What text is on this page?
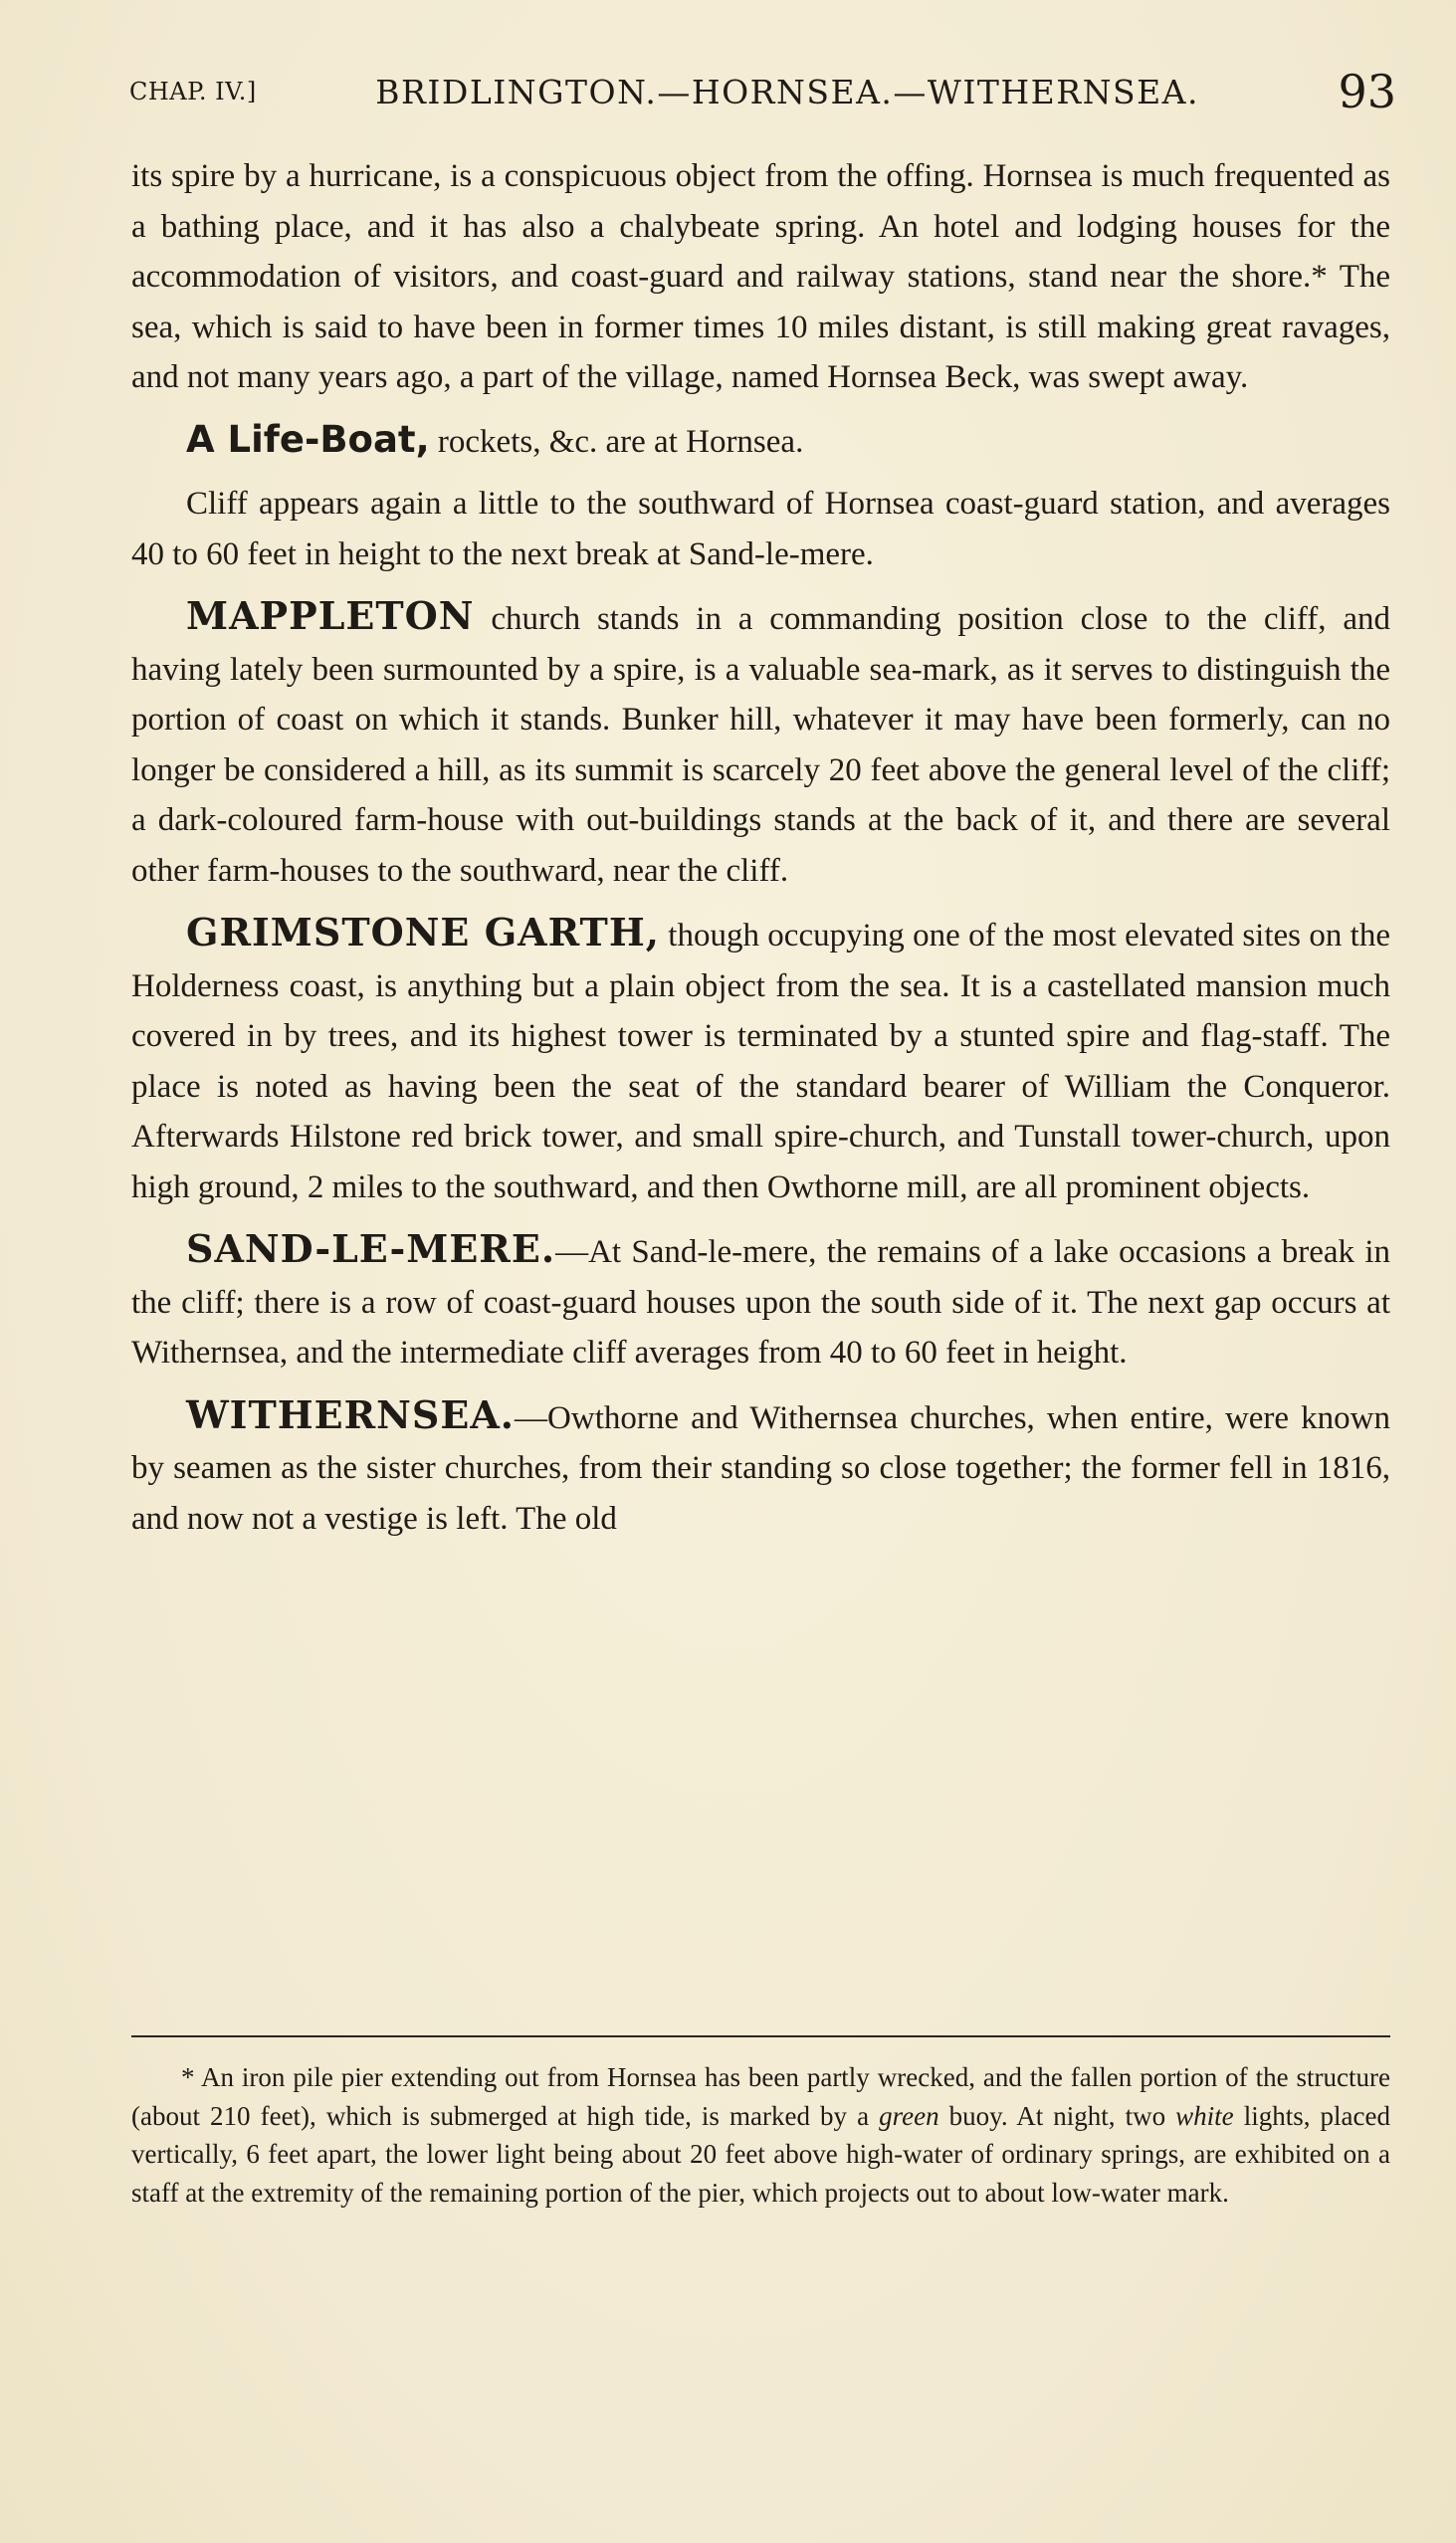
CHAP. IV.]	BRIDLINGTON.—HORNSEA.—WITHERNSEA.	93

its spire by a hurricane, is a conspicuous object from the offing. Hornsea is much frequented as a bathing place, and it has also a chalybeate spring. An hotel and lodging houses for the accommodation of visitors, and coast-guard and railway stations, stand near the shore.* The sea, which is said to have been in former times 10 miles distant, is still making great ravages, and not many years ago, a part of the village, named Hornsea Beck, was swept away.

A Life-Boat, rockets, &c. are at Hornsea.

Cliff appears again a little to the southward of Hornsea coast-guard station, and averages 40 to 60 feet in height to the next break at Sand-le-mere.

MAPPLETON church stands in a commanding position close to the cliff, and having lately been surmounted by a spire, is a valuable sea-mark, as it serves to distinguish the portion of coast on which it stands. Bunker hill, whatever it may have been formerly, can no longer be considered a hill, as its summit is scarcely 20 feet above the general level of the cliff; a dark-coloured farm-house with out-buildings stands at the back of it, and there are several other farm-houses to the southward, near the cliff.

GRIMSTONE GARTH, though occupying one of the most elevated sites on the Holderness coast, is anything but a plain object from the sea. It is a castellated mansion much covered in by trees, and its highest tower is terminated by a stunted spire and flag-staff. The place is noted as having been the seat of the standard bearer of William the Conqueror. Afterwards Hilstone red brick tower, and small spire-church, and Tunstall tower-church, upon high ground, 2 miles to the southward, and then Owthorne mill, are all prominent objects.

SAND-LE-MERE.—At Sand-le-mere, the remains of a lake occasions a break in the cliff; there is a row of coast-guard houses upon the south side of it. The next gap occurs at Withernsea, and the intermediate cliff averages from 40 to 60 feet in height.

WITHERNSEA.—Owthorne and Withernsea churches, when entire, were known by seamen as the sister churches, from their standing so close together; the former fell in 1816, and now not a vestige is left. The old

* An iron pile pier extending out from Hornsea has been partly wrecked, and the fallen portion of the structure (about 210 feet), which is submerged at high tide, is marked by a green buoy. At night, two white lights, placed vertically, 6 feet apart, the lower light being about 20 feet above high-water of ordinary springs, are exhibited on a staff at the extremity of the remaining portion of the pier, which projects out to about low-water mark.
